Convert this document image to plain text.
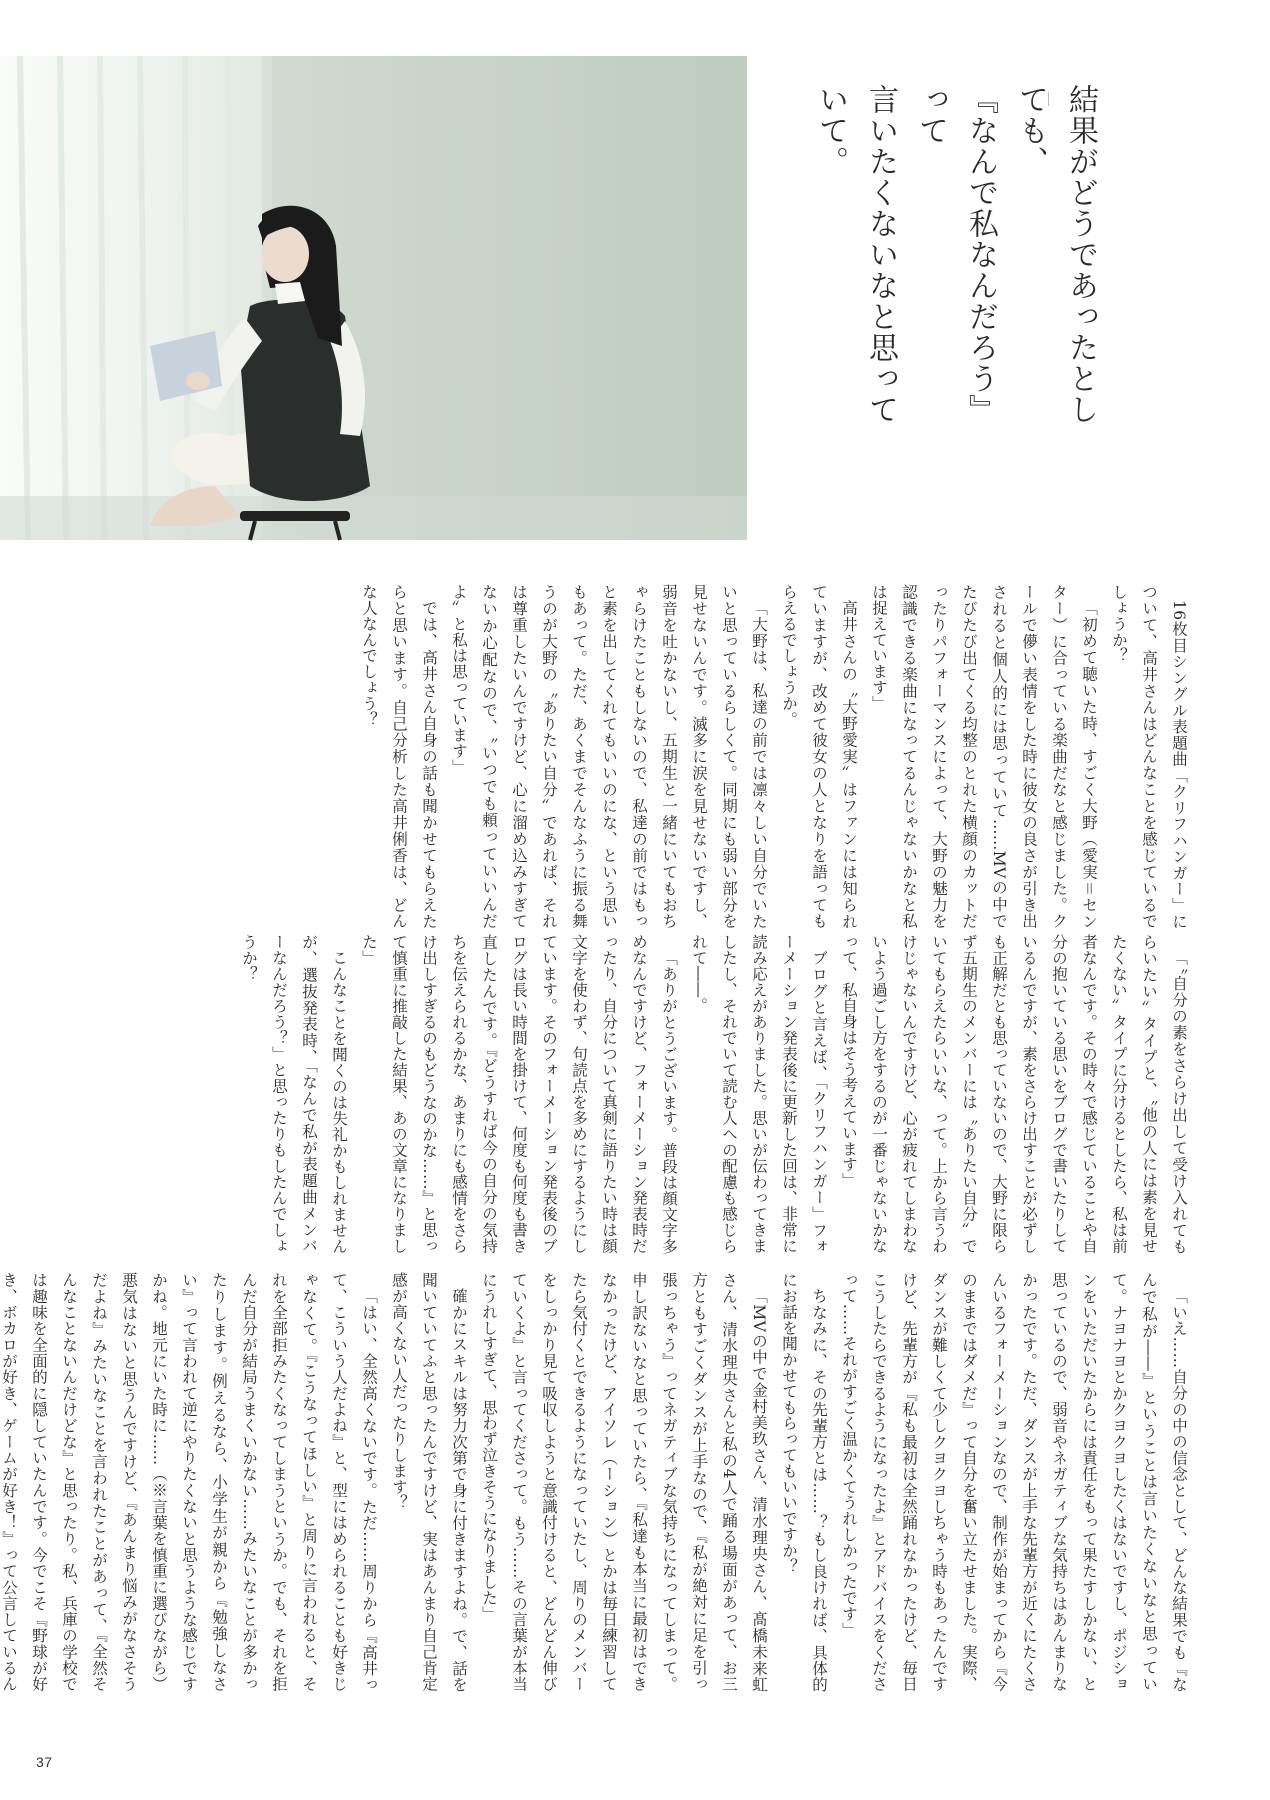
結果がどうであったとしても、
『なんで私なんだろう』って
言いたくないなと思っていて。

「〝自分の素をさらけ出して受け入れてもらいたい〟タイプと、〝他の人には素を見せたくない〟タイプに分けるとしたら、私は前者なんです。その時々で感じていることや自分の抱いている思いをブログで書いたりしているんですが、素をさらけ出すことが必ずしも正解だとも思っていないので、大野に限らず五期生のメンバーには〝ありたい自分〟でいてもらえたらいいな、って。上から言うわけじゃないんですけど、心が疲れてしまわないよう過ごし方をするのが一番じゃないかなって、私自身はそう考えています」

ブログと言えば、「クリフハンガー」フォーメーション発表後に更新した回は、非常に読み応えがありました。思いが伝わってきましたし、それでいて読む人への配慮も感じられて――。

「ありがとうございます。普段は顔文字多めなんですけど、フォーメーション発表時だったり、自分について真剣に語りたい時は顔文字を使わず、句読点を多めにするようにしています。そのフォーメーション発表後のブログは長い時間を掛けて、何度も何度も書き直したんです。『どうすれば今の自分の気持ちを伝えられるかな、あまりにも感情をさらけ出しすぎるのもどうなのかな……』と思って慎重に推敲した結果、あの文章になりました」

こんなことを聞くのは失礼かもしれませんが、選抜発表時、「なんで私が表題曲メンバーなんだろう？」と思ったりもしたんでしょうか？

37

16枚目シングル表題曲「クリフハンガー」について、高井さんはどんなことを感じているでしょうか？

「初めて聴いた時、すごく大野（愛実＝センター）に合っている楽曲だなと感じました。クールで儚い表情をした時に彼女の良さが引き出されると個人的には思っていて……MVの中でたびたび出てくる均整のとれた横顔のカットだったりパフォーマンスによって、大野の魅力を認識できる楽曲になってるんじゃないかなと私は捉えています」

高井さんの〝大野愛実〟はファンには知られていますが、改めて彼女の人となりを語ってもらえるでしょうか。

「大野は、私達の前では凛々しい自分でいたいと思っているらしくて。同期にも弱い部分を見せないんです。滅多に涙を見せないですし、弱音を吐かないし、五期生と一緒にいてもおちゃらけたこともしないので、私達の前ではもっと素を出してくれてもいいのにな、という思いもあって。ただ、あくまでそんなふうに振る舞うのが大野の〝ありたい自分〟であれば、それは尊重したいんですけど、心に溜め込みすぎてないか心配なので、〝いつでも頼っていいんだよ〟と私は思っています」

では、高井さん自身の話も聞かせてもらえたらと思います。自己分析した高井俐香は、どんな人なんでしょう？

「いえ……自分の中の信念として、どんな結果でも『なんで私が――』ということは言いたくないなと思っていて。ナヨナヨとかクヨクヨしたくはないですし、ポジションをいただいたからには責任をもって果たすしかない、と思っているので、弱音やネガティブな気持ちはあんまりなかったです。ただ、ダンスが上手な先輩方が近くにたくさんいるフォーメーションなので、制作が始まってから『今のままではダメだ』って自分を奮い立たせました。実際、ダンスが難しくて少しクヨクヨしちゃう時もあったんですけど、先輩方が『私も最初は全然踊れなかったけど、毎日こうしたらできるようになったよ』とアドバイスをくださって……それがすごく温かくてうれしかったです」

ちなみに、その先輩方とは……？もし良ければ、具体的にお話を聞かせてもらってもいいですか？

「MVの中で金村美玖さん、清水理央さん、髙橋未来虹さん、清水理央さんと私の4人で踊る場面があって、お三方ともすごくダンスが上手なので、『私が絶対に足を引っ張っちゃう』ってネガティブな気持ちになってしまって。申し訳ないなと思っていたら、『私達も本当に最初はできなかったけど、アイソレ（ーション）とかは毎日練習してたら気付くとできるようになっていたし、周りのメンバーをしっかり見て吸収しようと意識付けると、どんどん伸びていくよ』と言ってくださって。もう……その言葉が本当にうれしすぎて、思わず泣きそうになりました」

確かにスキルは努力次第で身に付きますよね。で、話を聞いていてふと思ったんですけど、実はあんまり自己肯定感が高くない人だったりします？

「はい、全然高くないです。ただ……周りから『高井って、こういう人だよね』と、型にはめられることも好きじゃなくて。『こうなってほしい』と周りに言われると、それを全部拒みたくなってしまうというか。でも、それを拒んだ自分が結局うまくいかない……みたいなことが多かったりします。例えるなら、小学生が親から『勉強しなさい』って言われて逆にやりたくないと思うような感じですかね。地元にいた時に……（※言葉を慎重に選びながら）悪気はないと思うんですけど、『あんまり悩みがなさそうだよね』みたいなことを言われたことがあって、『全然そんなことないんだけどな』と思ったり。私、兵庫の学校では趣味を全面的に隠していたんです。今でこそ『野球が好き、ボカロが好き、ゲームが好き！』って公言しているん
